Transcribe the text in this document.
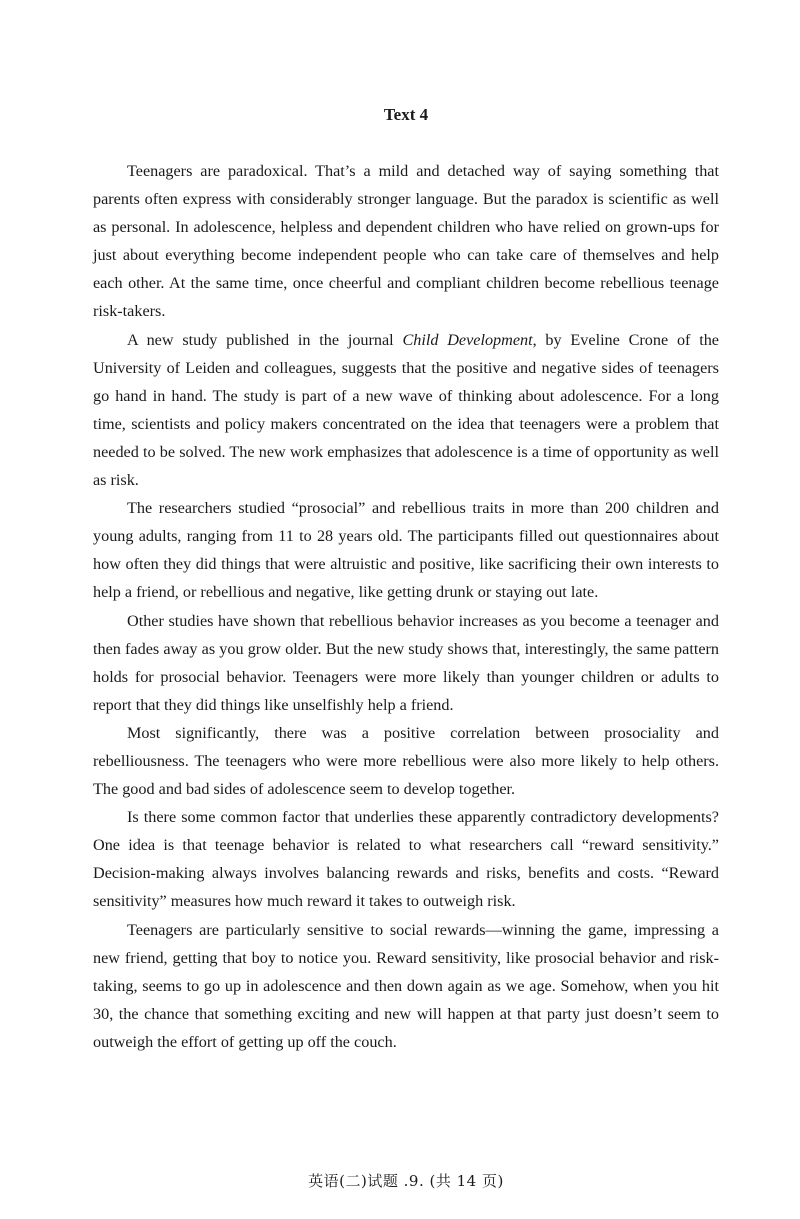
Text 4

Teenagers are paradoxical. That’s a mild and detached way of saying something that parents often express with considerably stronger language. But the paradox is scientific as well as personal. In adolescence, helpless and dependent children who have relied on grown-ups for just about everything become independent people who can take care of themselves and help each other. At the same time, once cheerful and compliant children become rebellious teenage risk-takers.

A new study published in the journal Child Development, by Eveline Crone of the University of Leiden and colleagues, suggests that the positive and negative sides of teenagers go hand in hand. The study is part of a new wave of thinking about adolescence. For a long time, scientists and policy makers concentrated on the idea that teenagers were a problem that needed to be solved. The new work emphasizes that adolescence is a time of opportunity as well as risk.

The researchers studied “prosocial” and rebellious traits in more than 200 children and young adults, ranging from 11 to 28 years old. The participants filled out questionnaires about how often they did things that were altruistic and positive, like sacrificing their own interests to help a friend, or rebellious and negative, like getting drunk or staying out late.

Other studies have shown that rebellious behavior increases as you become a teenager and then fades away as you grow older. But the new study shows that, interestingly, the same pattern holds for prosocial behavior. Teenagers were more likely than younger children or adults to report that they did things like unselfishly help a friend.

Most significantly, there was a positive correlation between prosociality and rebelliousness. The teenagers who were more rebellious were also more likely to help others. The good and bad sides of adolescence seem to develop together.

Is there some common factor that underlies these apparently contradictory developments? One idea is that teenage behavior is related to what researchers call “reward sensitivity.” Decision-making always involves balancing rewards and risks, benefits and costs. “Reward sensitivity” measures how much reward it takes to outweigh risk.

Teenagers are particularly sensitive to social rewards—winning the game, impressing a new friend, getting that boy to notice you. Reward sensitivity, like prosocial behavior and risk-taking, seems to go up in adolescence and then down again as we age. Somehow, when you hit 30, the chance that something exciting and new will happen at that party just doesn’t seem to outweigh the effort of getting up off the couch.

英语(二)试题 .9. (共 14 页)
